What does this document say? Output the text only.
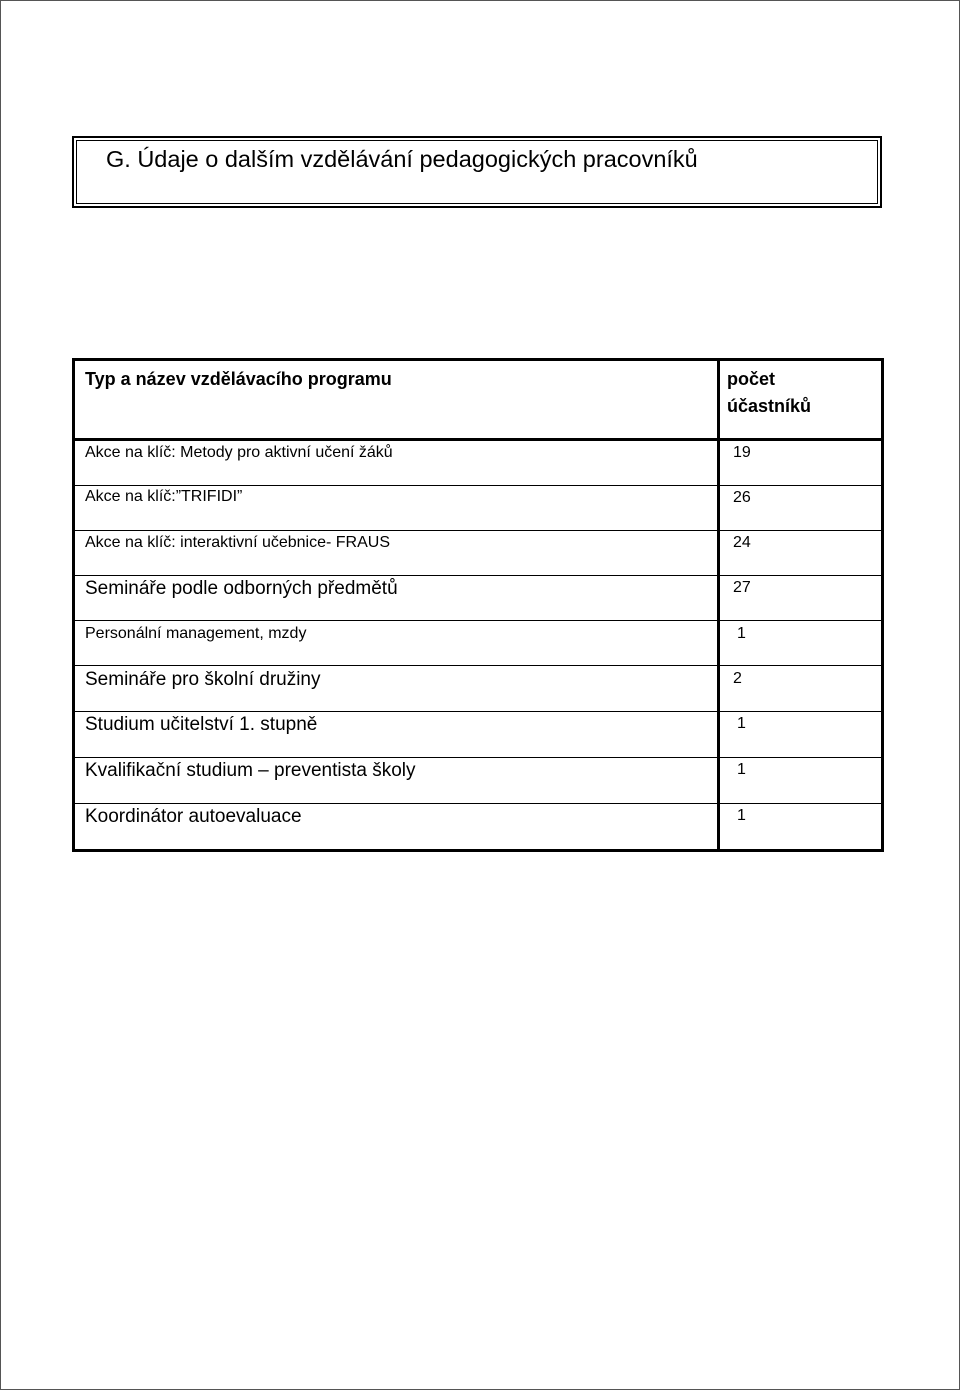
G. Údaje o dalším vzdělávání pedagogických pracovníků
Typ a název vzdělávacího programu	počet
účastníků
Akce na klíč: Metody pro aktivní učení žáků	19
Akce na klíč:”TRIFIDI”	26
Akce na klíč: interaktivní učebnice- FRAUS	24
Semináře podle odborných předmětů	27
Personální management, mzdy	1
Semináře pro školní družiny	2
Studium učitelství 1. stupně	1
Kvalifikační studium – preventista školy	1
Koordinátor autoevaluace	1
